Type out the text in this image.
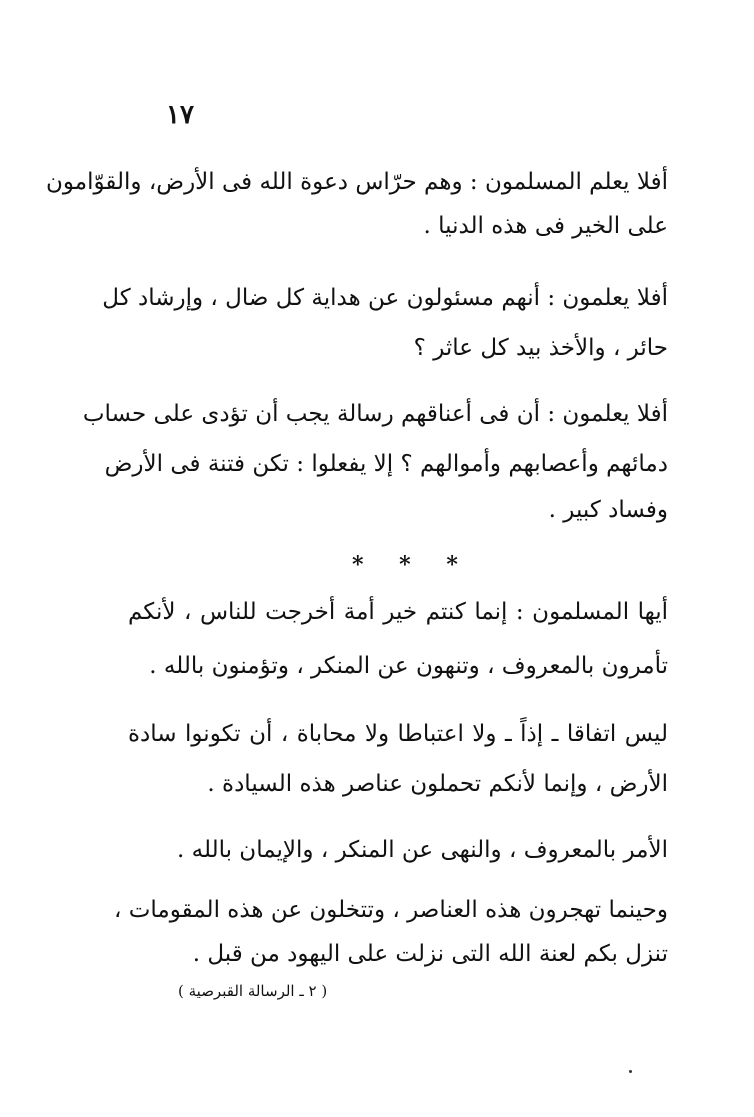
١٧
أفلا يعلم المسلمون : وهم حرّاس دعوة الله فى الأرض، والقوّامون
على الخير فى هذه الدنيا .
أفلا يعلمون : أنهم مسئولون عن هداية كل ضال ، وإرشاد كل
حائر ، والأخذ بيد كل عاثر ؟
أفلا يعلمون : أن فى أعناقهم رسالة يجب أن تؤدى على حساب
دمائهم وأعصابهم وأموالهم ؟ إلا يفعلوا : تكن فتنة فى الأرض
وفساد كبير .
أيها المسلمون : إنما كنتم خير أمة أخرجت للناس ، لأنكم
تأمرون بالمعروف ، وتنهون عن المنكر ، وتؤمنون بالله .
ليس اتفاقا ـ إذاً ـ ولا اعتباطا ولا محاباة ، أن تكونوا سادة
الأرض ، وإنما لأنكم تحملون عناصر هذه السيادة .
الأمر بالمعروف ، والنهى عن المنكر ، والإيمان بالله .
وحينما تهجرون هذه العناصر ، وتتخلون عن هذه المقومات ،
تنزل بكم لعنة الله التى نزلت على اليهود من قبل .
* * *
( ٢ ـ الرسالة القبرصية )
